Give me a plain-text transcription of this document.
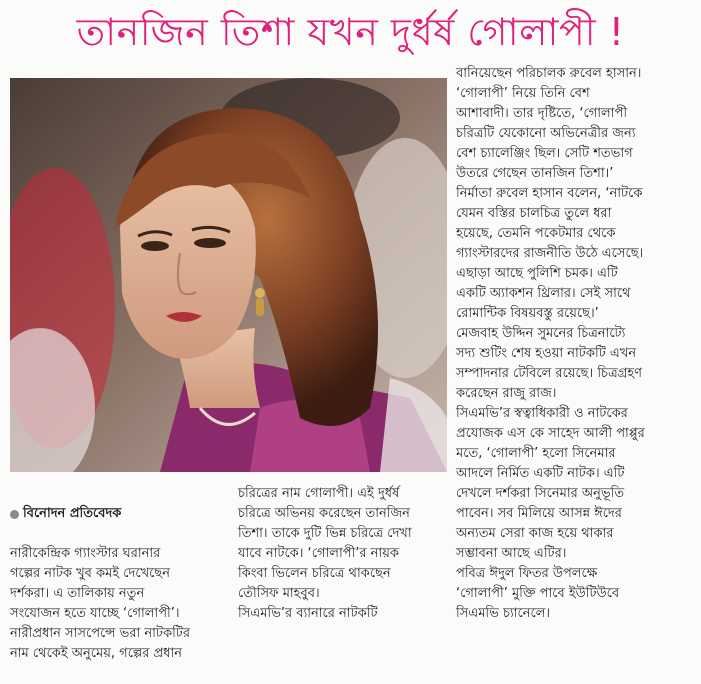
তানজিন তিশা যখন দুর্ধর্ষ গোলাপী !

বিনোদন প্রতিবেদক

নারীকেন্দ্রিক গ্যাংস্টার ঘরানার
গল্পের নাটক খুব কমই দেখেছেন
দর্শকরা। এ তালিকায় নতুন
সংযোজন হতে যাচ্ছে ‘গোলাপী’।
নারীপ্রধান সাসপেন্সে ভরা নাটকটির
নাম থেকেই অনুমেয়, গল্পের প্রধান

চরিত্রের নাম গোলাপী। এই দুর্ধর্ষ
চরিত্রে অভিনয় করেছেন তানজিন
তিশা। তাকে দুটি ভিন্ন চরিত্রে দেখা
যাবে নাটকে। ‘গোলাপী’র নায়ক
কিংবা ভিলেন চরিত্রে থাকছেন
তৌসিফ মাহবুব।
সিএমভি’র ব্যানারে নাটকটি
বানিয়েছেন পরিচালক রুবেল হাসান।
‘গোলাপী’ নিয়ে তিনি বেশ
আশাবাদী। তার দৃষ্টিতে, ‘গোলাপী
চরিত্রটি যেকোনো অভিনেত্রীর জন্য
বেশ চ্যালেঞ্জিং ছিল। সেটি শতভাগ
উতরে গেছেন তানজিন তিশা।’
নির্মাতা রুবেল হাসান বলেন, ‘নাটকে
যেমন বস্তির চালচিত্র তুলে ধরা
হয়েছে, তেমনি পকেটমার থেকে
গ্যাংস্টারদের রাজনীতি উঠে এসেছে।
এছাড়া আছে পুলিশি চমক। এটি
একটি অ্যাকশন থ্রিলার। সেই সাথে
রোমান্টিক বিষয়বস্তু রয়েছে।’
মেজবাহ উদ্দিন সুমনের চিত্রনাট্যে
সদ্য শুটিং শেষ হওয়া নাটকটি এখন
সম্পাদনার টেবিলে রয়েছে। চিত্রগ্রহণ
করেছেন রাজু রাজ।
সিএমভি’র স্বত্বাধিকারী ও নাটকের
প্রযোজক এস কে সাহেদ আলী পাপ্পুর
মতে, ‘গোলাপী’ হলো সিনেমার
আদলে নির্মিত একটি নাটক। এটি
দেখলে দর্শকরা সিনেমার অনুভূতি
পাবেন। সব মিলিয়ে আসন্ন ঈদের
অন্যতম সেরা কাজ হয়ে থাকার
সম্ভাবনা আছে এটির।
পবিত্র ঈদুল ফিতর উপলক্ষে
‘গোলাপী’ মুক্তি পাবে ইউটিউবে
সিএমভি চ্যানেলে।
